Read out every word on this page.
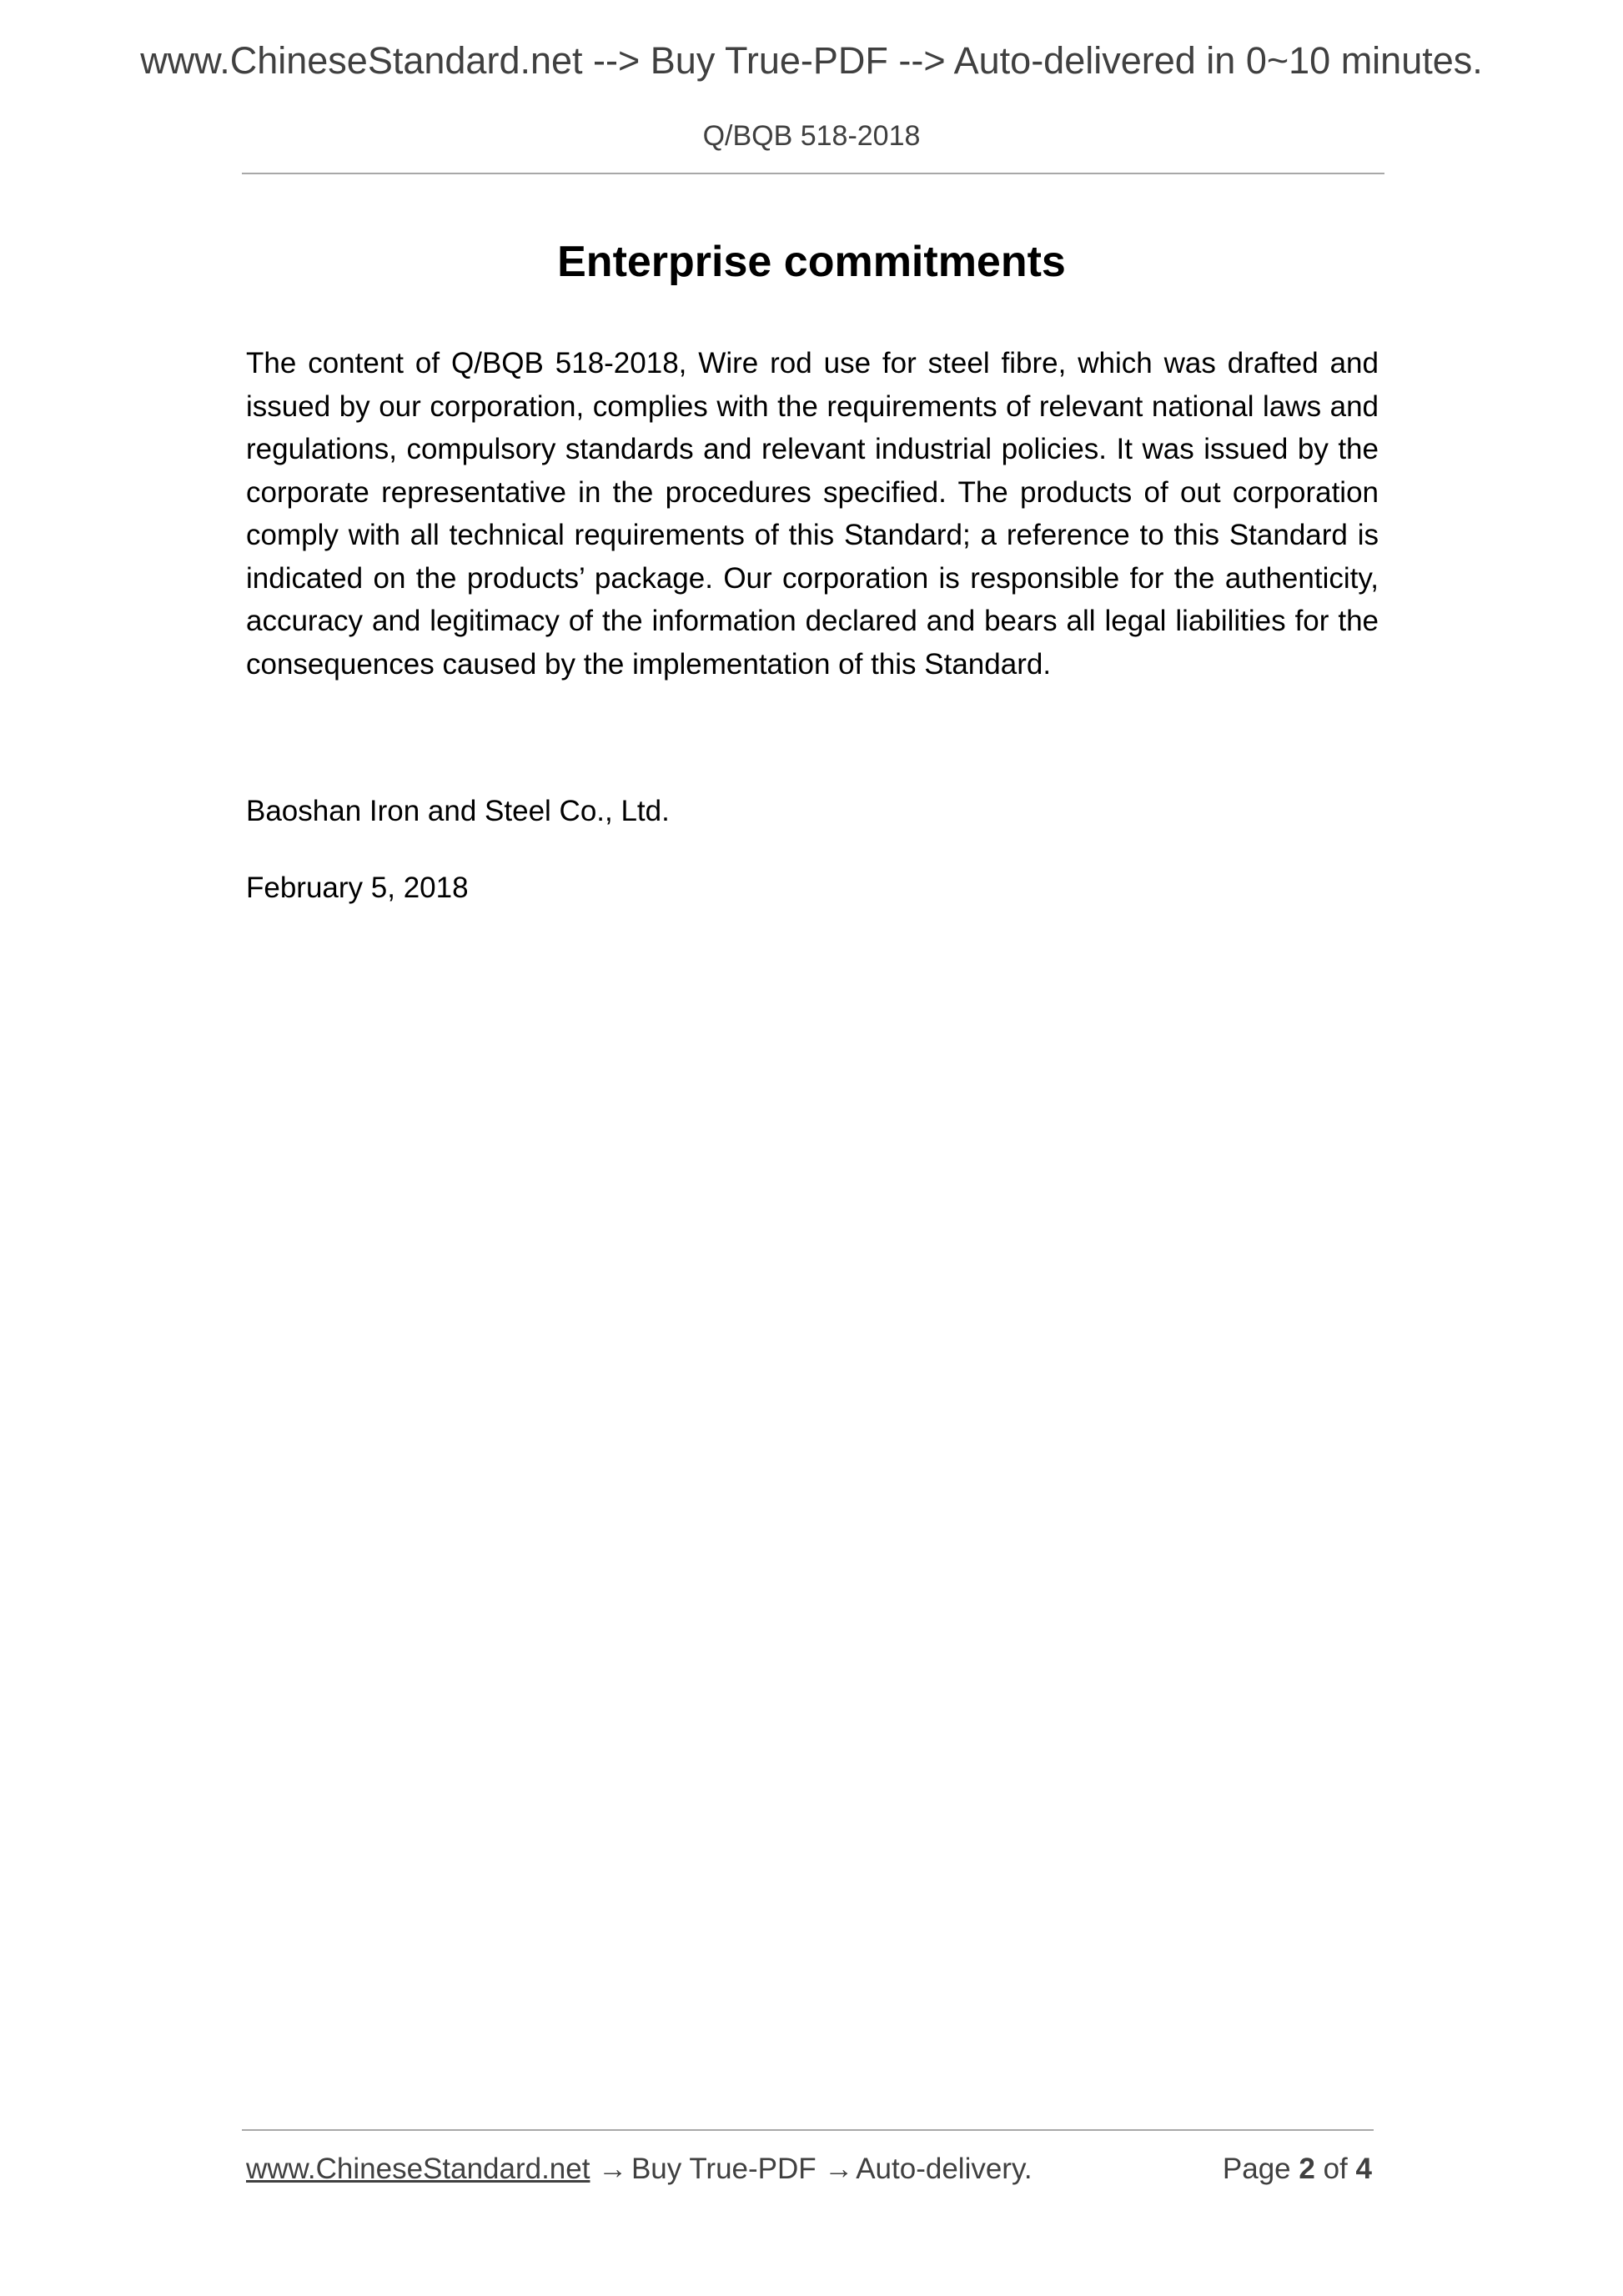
www.ChineseStandard.net --> Buy True-PDF --> Auto-delivered in 0~10 minutes.
Q/BQB 518-2018
Enterprise commitments

The content of Q/BQB 518-2018, Wire rod use for steel fibre, which was drafted and issued by our corporation, complies with the requirements of relevant national laws and regulations, compulsory standards and relevant industrial policies. It was issued by the corporate representative in the procedures specified. The products of out corporation comply with all technical requirements of this Standard; a reference to this Standard is indicated on the products’ package. Our corporation is responsible for the authenticity, accuracy and legitimacy of the information declared and bears all legal liabilities for the consequences caused by the implementation of this Standard.

Baoshan Iron and Steel Co., Ltd.
February 5, 2018
www.ChineseStandard.net → Buy True-PDF → Auto-delivery.	Page 2 of 4
